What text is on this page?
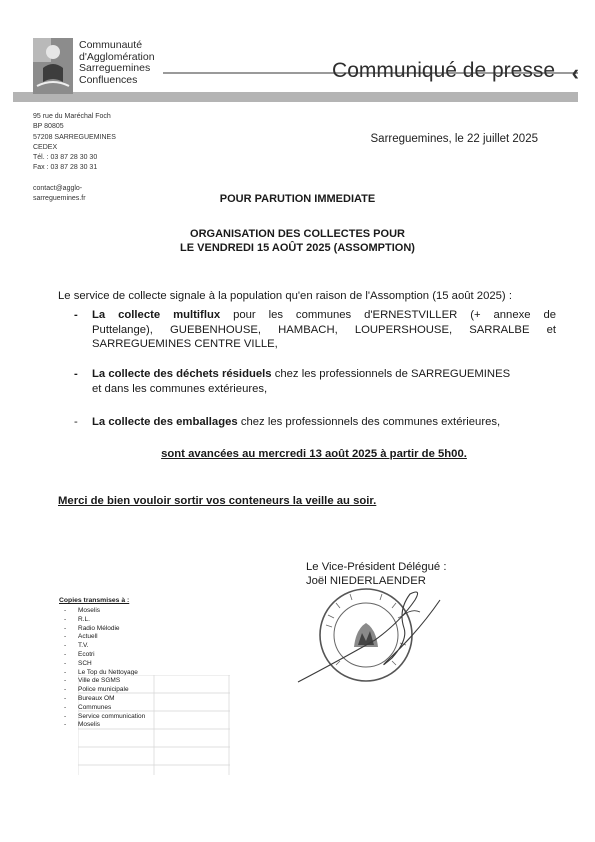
Communauté
d'Agglomération
Sarreguemines
Confluences	Communiqué de presse ‹
95 rue du Maréchal Foch
BP 80805
57208 SARREGUEMINES
CEDEX
Tél. : 03 87 28 30 30
Fax : 03 87 28 30 31
contact@agglo-
sarreguemines.fr
Sarreguemines, le 22 juillet 2025
POUR PARUTION IMMEDIATE
ORGANISATION DES COLLECTES POUR
LE VENDREDI 15 AOÛT 2025 (ASSOMPTION)
Le service de collecte signale à la population qu'en raison de l'Assomption (15 août 2025) :
- La collecte multiflux pour les communes d'ERNESTVILLER (+ annexe de
Puttelange), GUEBENHOUSE, HAMBACH, LOUPERSHOUSE, SARRALBE et
SARREGUEMINES CENTRE VILLE,
- La collecte des déchets résiduels chez les professionnels de SARREGUEMINES
et dans les communes extérieures,
- La collecte des emballages chez les professionnels des communes extérieures,
sont avancées au mercredi 13 août 2025 à partir de 5h00.
Merci de bien vouloir sortir vos conteneurs la veille au soir.
Le Vice-Président Délégué :
Joël NIEDERLAENDER
Copies transmises à :
- Moselis
- R.L.
- Radio Mélodie
- Actuell
- T.V.
- Ecotri
- SCH
- Le Top du Nettoyage
- Ville de SGMS
- Police municipale
- Bureaux OM
- Communes
- Service communication
- Moselis
